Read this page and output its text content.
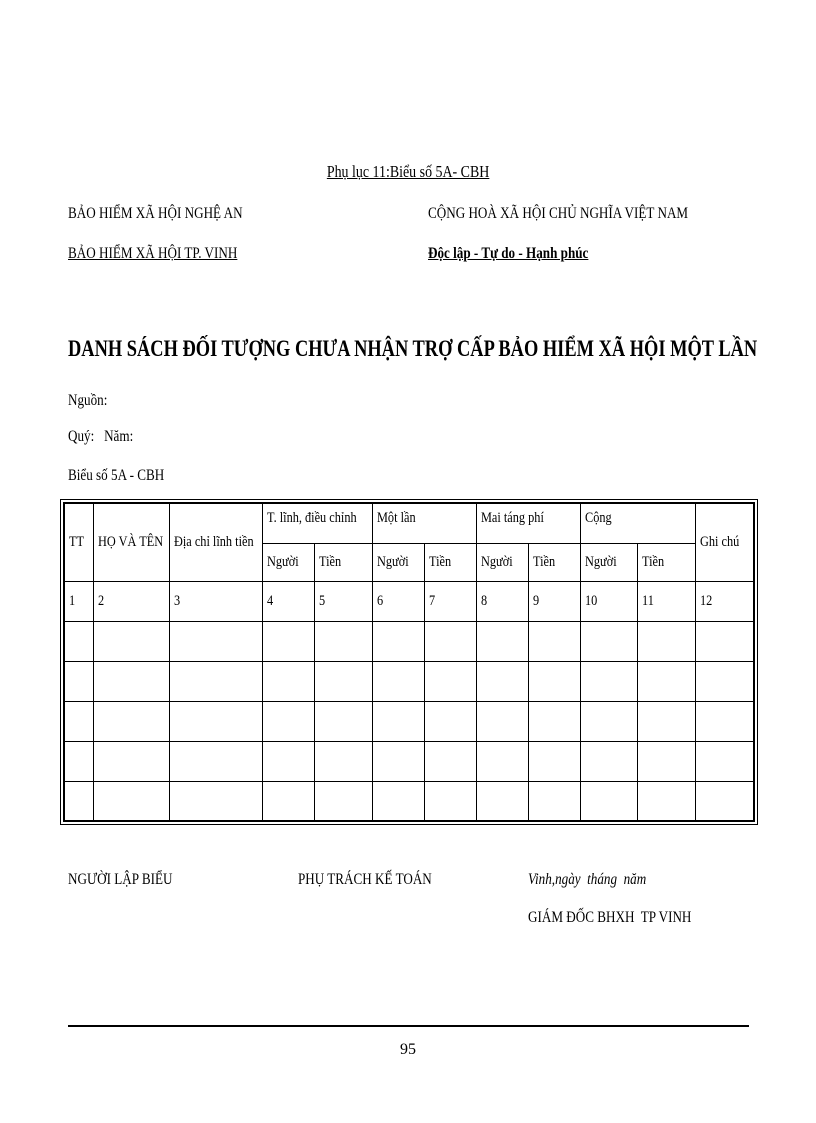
Phụ lục 11:Biểu số 5A- CBH
BẢO HIỂM XÃ HỘI NGHỆ AN
BẢO HIỂM XÃ HỘI TP. VINH
CỘNG HOÀ XÃ HỘI CHỦ NGHĨA VIỆT NAM
Độc lập - Tự do - Hạnh phúc
DANH SÁCH ĐỐI TƯỢNG CHƯA NHẬN TRỢ CẤP BẢO HIỂM XÃ HỘI MỘT LẦN
Nguồn:
Quý:   Năm:
Biểu số 5A - CBH
TT	HỌ VÀ TÊN	Địa chỉ lĩnh tiền	T. lĩnh, điều chỉnh		Một lần		Mai táng phí		Cộng		Ghi chú
			Người	Tiền	Người	Tiền	Người	Tiền	Người	Tiền	
1	2	3	4	5	6	7	8	9	10	11	12

NGƯỜI LẬP BIỂU	PHỤ TRÁCH KẾ TOÁN	Vinh,ngày  tháng  năm
GIÁM ĐỐC BHXH  TP VINH
95
